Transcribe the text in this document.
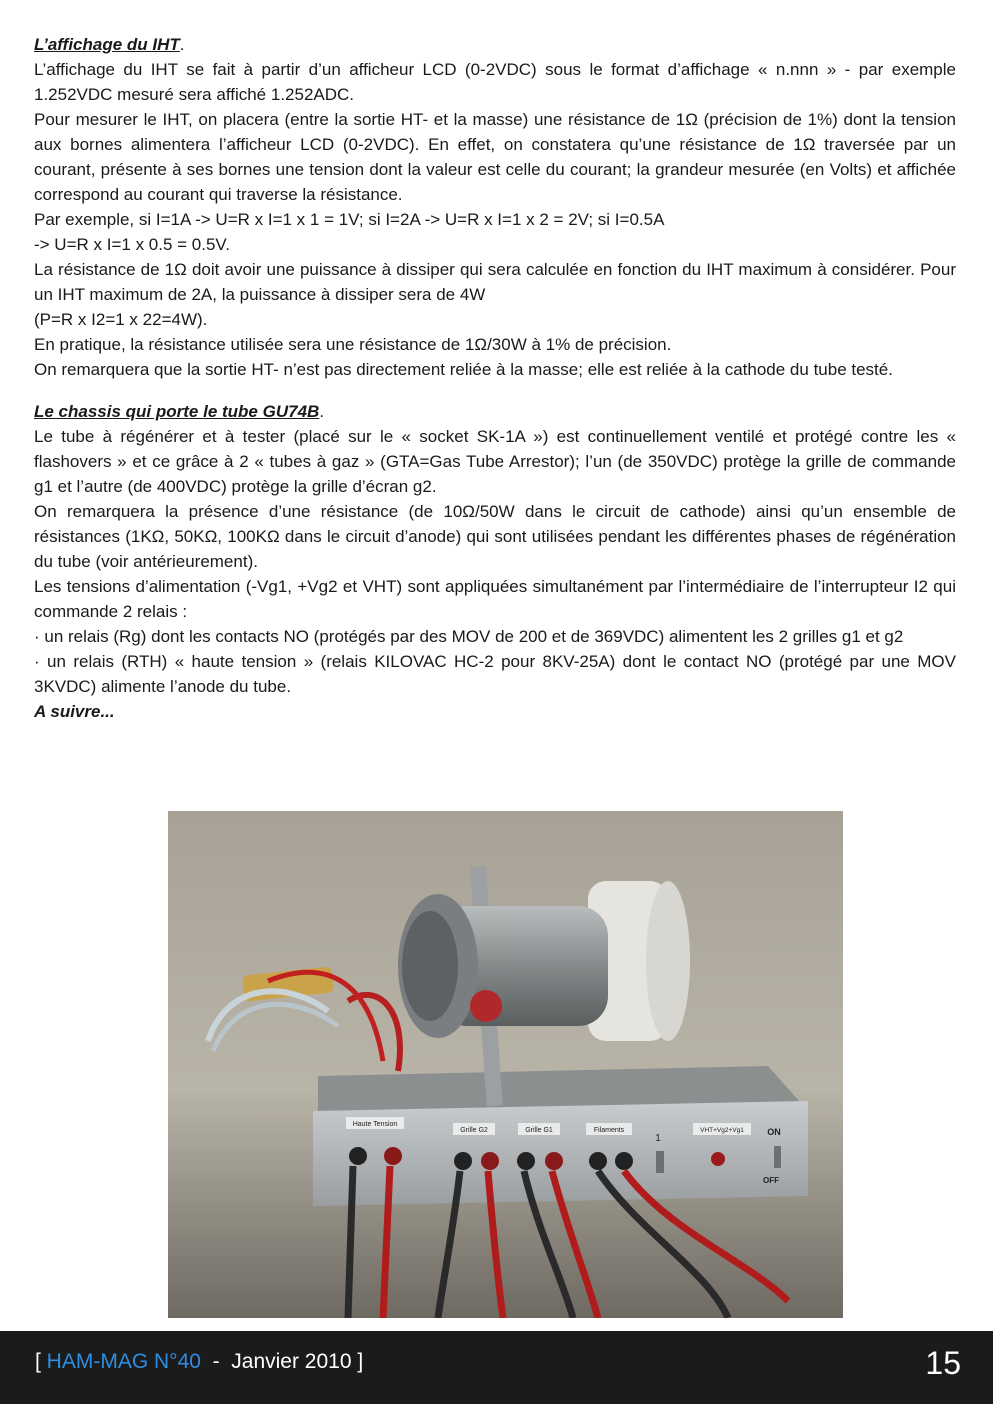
L’affichage du IHT.

L’affichage du IHT se fait à partir d’un afficheur LCD (0-2VDC) sous le format d’affichage « n.nnn » - par exemple 1.252VDC mesuré sera affiché 1.252ADC.

Pour mesurer le IHT, on placera (entre la sortie HT- et la masse) une résistance de 1Ω (précision de 1%) dont la tension aux bornes alimentera l’afficheur LCD (0-2VDC). En effet, on constatera qu’une résistance de 1Ω traversée par un courant, présente à ses bornes une tension dont la valeur est celle du courant; la grandeur mesurée (en Volts) et affichée correspond au courant qui traverse la résistance.

Par exemple, si I=1A -> U=R x I=1 x 1 = 1V; si I=2A -> U=R x I=1 x 2 = 2V; si I=0.5A

-> U=R x I=1 x 0.5 = 0.5V.

La résistance de 1Ω doit avoir une puissance à dissiper qui sera calculée en fonction du IHT maximum à considérer. Pour un IHT maximum de 2A, la puissance à dissiper sera de 4W

(P=R x I2=1 x 22=4W).

En pratique, la résistance utilisée sera une résistance de 1Ω/30W à 1% de précision.

On remarquera que la sortie HT- n’est pas directement reliée à la masse; elle est reliée à la cathode du tube testé.

Le chassis qui porte le tube GU74B.

Le tube à régénérer et à tester (placé sur le « socket SK-1A ») est continuellement ventilé et protégé contre les « flashovers » et ce grâce à 2 « tubes à gaz » (GTA=Gas Tube Arrestor); l’un (de 350VDC) protège la grille de commande g1 et l’autre (de 400VDC) protège la grille d’écran g2.

On remarquera la présence d’une résistance (de 10Ω/50W dans le circuit de cathode) ainsi qu’un ensemble de résistances (1KΩ, 50KΩ, 100KΩ dans le circuit d’anode) qui sont utilisées pendant les différentes phases de régénération du tube (voir antérieurement).

Les tensions d’alimentation (-Vg1, +Vg2 et VHT) sont appliquées simultanément par l’intermédiaire de l’interrupteur I2 qui commande 2 relais :

· un relais (Rg) dont les contacts NO (protégés par des MOV de 200 et de 369VDC) alimentent les 2 grilles g1 et g2

· un relais (RTH) « haute tension » (relais KILOVAC HC-2 pour 8KV-25A) dont le contact NO (protégé par une MOV 3KVDC) alimente l’anode du tube.

A suivre...

Haute Tension
Grille G2	Grille G1	Filaments
1
VHT+Vg2+Vg1	ON
OFF
[ HAM-MAG N°40  -  Janvier 2010 ]	15
